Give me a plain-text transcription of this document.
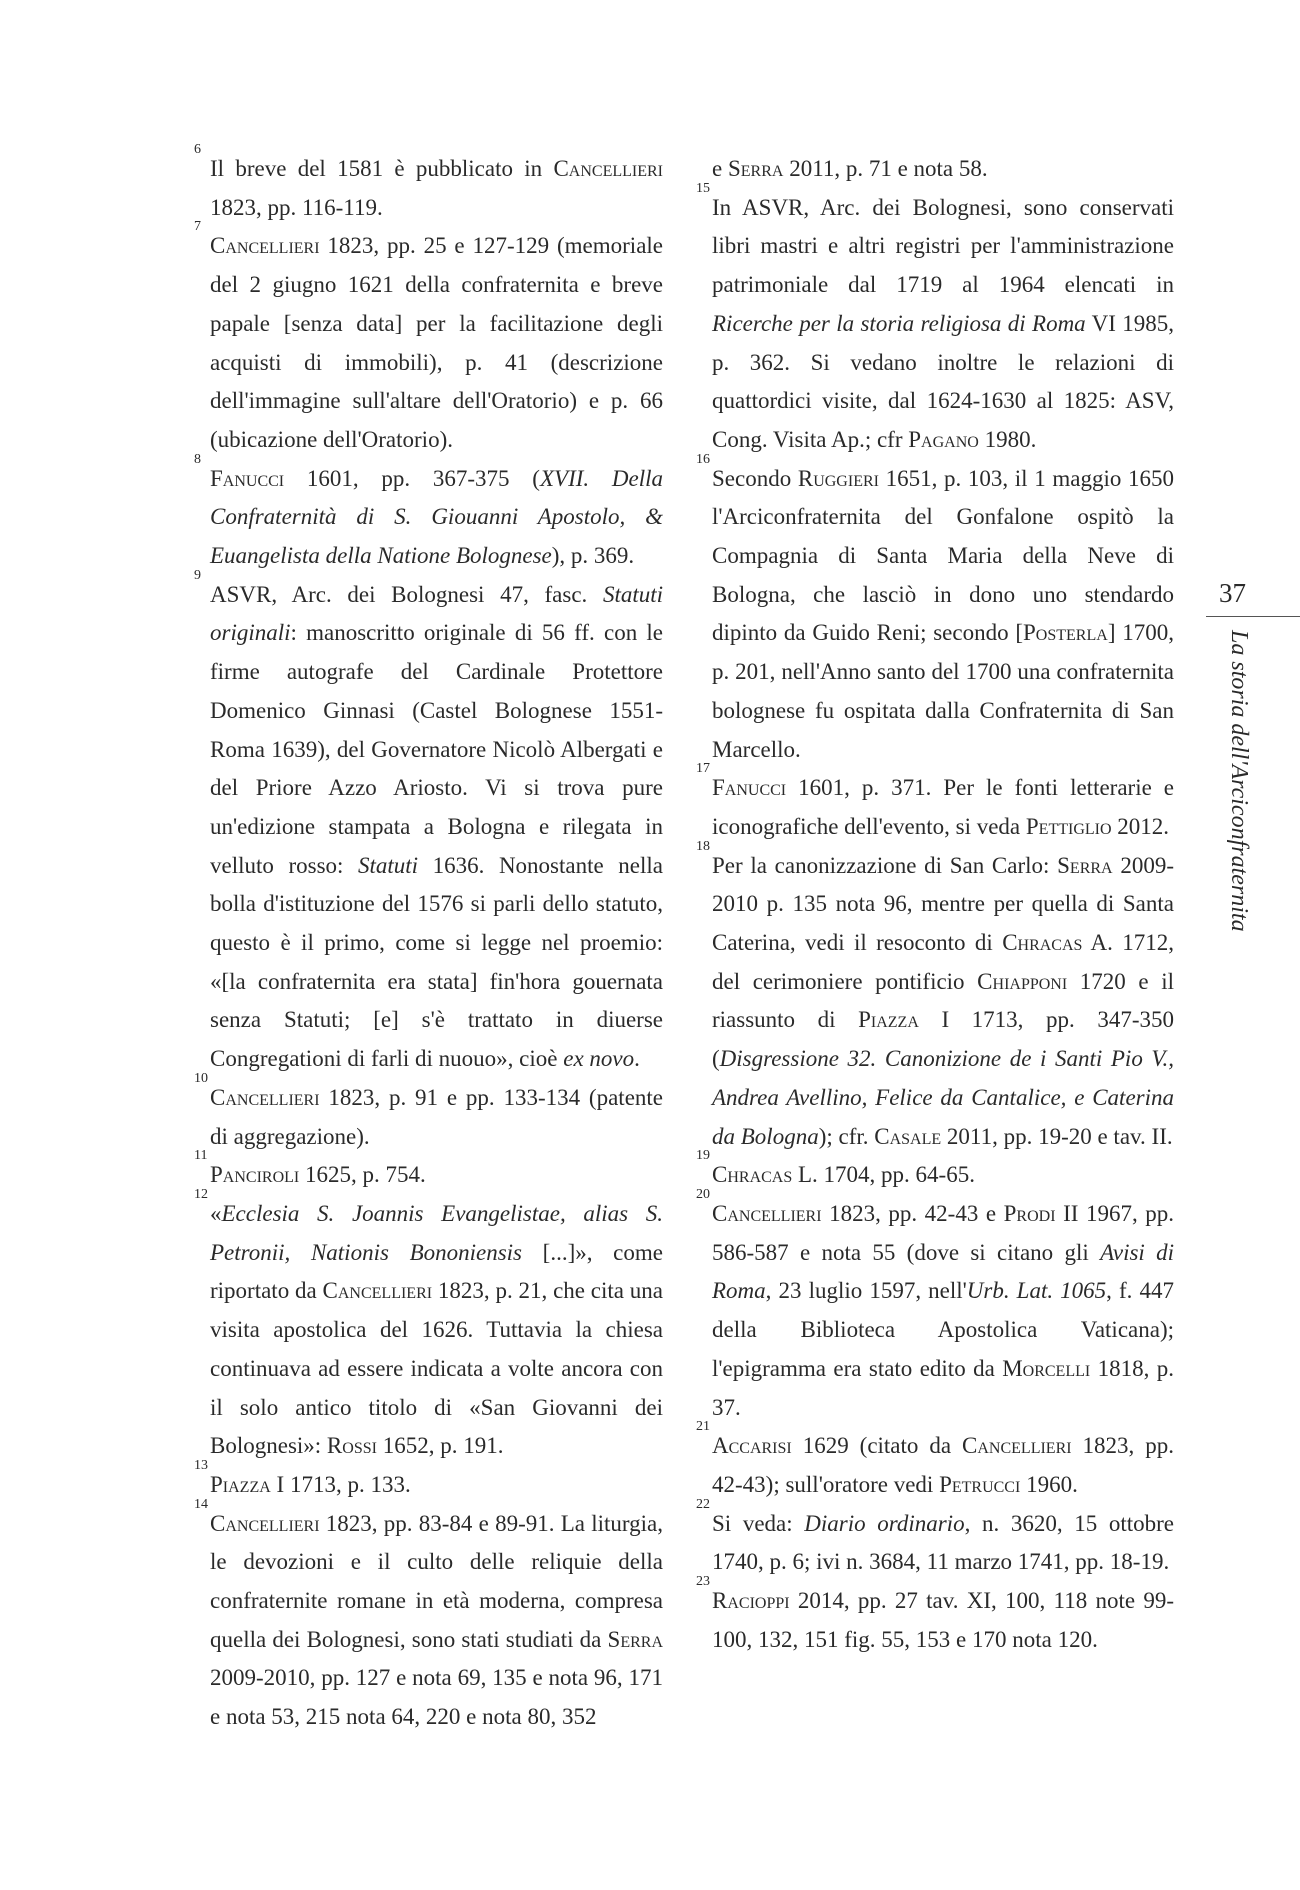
6
Il breve del 1581 è pubblicato in Cancellieri 1823, pp. 116-119.

7
Cancellieri 1823, pp. 25 e 127-129 (memoriale del 2 giugno 1621 della confraternita e breve papale [senza data] per la facilitazione degli acquisti di immobili), p. 41 (descrizione dell'immagine sull'altare dell'Oratorio) e p. 66 (ubicazione dell'Oratorio).

8
Fanucci 1601, pp. 367-375 (XVII. Della Confraternità di S. Giouanni Apostolo, & Euangelista della Natione Bolognese), p. 369.

9
ASVR, Arc. dei Bolognesi 47, fasc. Statuti originali: manoscritto originale di 56 ff. con le firme autografe del Cardinale Protettore Domenico Ginnasi (Castel Bolognese 1551-Roma 1639), del Governatore Nicolò Albergati e del Priore Azzo Ariosto. Vi si trova pure un'edizione stampata a Bologna e rilegata in velluto rosso: Statuti 1636. Nonostante nella bolla d'istituzione del 1576 si parli dello statuto, questo è il primo, come si legge nel proemio: «[la confraternita era stata] fin'hora gouernata senza Statuti; [e] s'è trattato in diuerse Congregationi di farli di nuouo», cioè ex novo.

10
Cancellieri 1823, p. 91 e pp. 133-134 (patente di aggregazione).

11
Panciroli 1625, p. 754.

12
«Ecclesia S. Joannis Evangelistae, alias S. Petronii, Nationis Bononiensis [...]», come riportato da Cancellieri 1823, p. 21, che cita una visita apostolica del 1626. Tuttavia la chiesa continuava ad essere indicata a volte ancora con il solo antico titolo di «San Giovanni dei Bolognesi»: Rossi 1652, p. 191.

13
Piazza I 1713, p. 133.

14
Cancellieri 1823, pp. 83-84 e 89-91. La liturgia, le devozioni e il culto delle reliquie della confraternite romane in età moderna, compresa quella dei Bolognesi, sono stati studiati da Serra 2009-2010, pp. 127 e nota 69, 135 e nota 96, 171 e nota 53, 215 nota 64, 220 e nota 80, 352

e Serra 2011, p. 71 e nota 58.

15
In ASVR, Arc. dei Bolognesi, sono conservati libri mastri e altri registri per l'amministrazione patrimoniale dal 1719 al 1964 elencati in Ricerche per la storia religiosa di Roma VI 1985, p. 362. Si vedano inoltre le relazioni di quattordici visite, dal 1624-1630 al 1825: ASV, Cong. Visita Ap.; cfr Pagano 1980.

16
Secondo Ruggieri 1651, p. 103, il 1 maggio 1650 l'Arciconfraternita del Gonfalone ospitò la Compagnia di Santa Maria della Neve di Bologna, che lasciò in dono uno stendardo dipinto da Guido Reni; secondo [Posterla] 1700, p. 201, nell'Anno santo del 1700 una confraternita bolognese fu ospitata dalla Confraternita di San Marcello.

17
Fanucci 1601, p. 371. Per le fonti letterarie e iconografiche dell'evento, si veda Pettiglio 2012.

18
Per la canonizzazione di San Carlo: Serra 2009-2010 p. 135 nota 96, mentre per quella di Santa Caterina, vedi il resoconto di Chracas A. 1712, del cerimoniere pontificio Chiapponi 1720 e il riassunto di Piazza I 1713, pp. 347-350 (Disgressione 32. Canonizione de i Santi Pio V., Andrea Avellino, Felice da Cantalice, e Caterina da Bologna); cfr. Casale 2011, pp. 19-20 e tav. II.

19
Chracas L. 1704, pp. 64-65.

20
Cancellieri 1823, pp. 42-43 e Prodi II 1967, pp. 586-587 e nota 55 (dove si citano gli Avisi di Roma, 23 luglio 1597, nell'Urb. Lat. 1065, f. 447 della Biblioteca Apostolica Vaticana); l'epigramma era stato edito da Morcelli 1818, p. 37.

21
Accarisi 1629 (citato da Cancellieri 1823, pp. 42-43); sull'oratore vedi Petrucci 1960.

22
Si veda: Diario ordinario, n. 3620, 15 ottobre 1740, p. 6; ivi n. 3684, 11 marzo 1741, pp. 18-19.

23
Racioppi 2014, pp. 27 tav. XI, 100, 118 note 99-100, 132, 151 fig. 55, 153 e 170 nota 120.

37
La storia dell'Arciconfraternita
